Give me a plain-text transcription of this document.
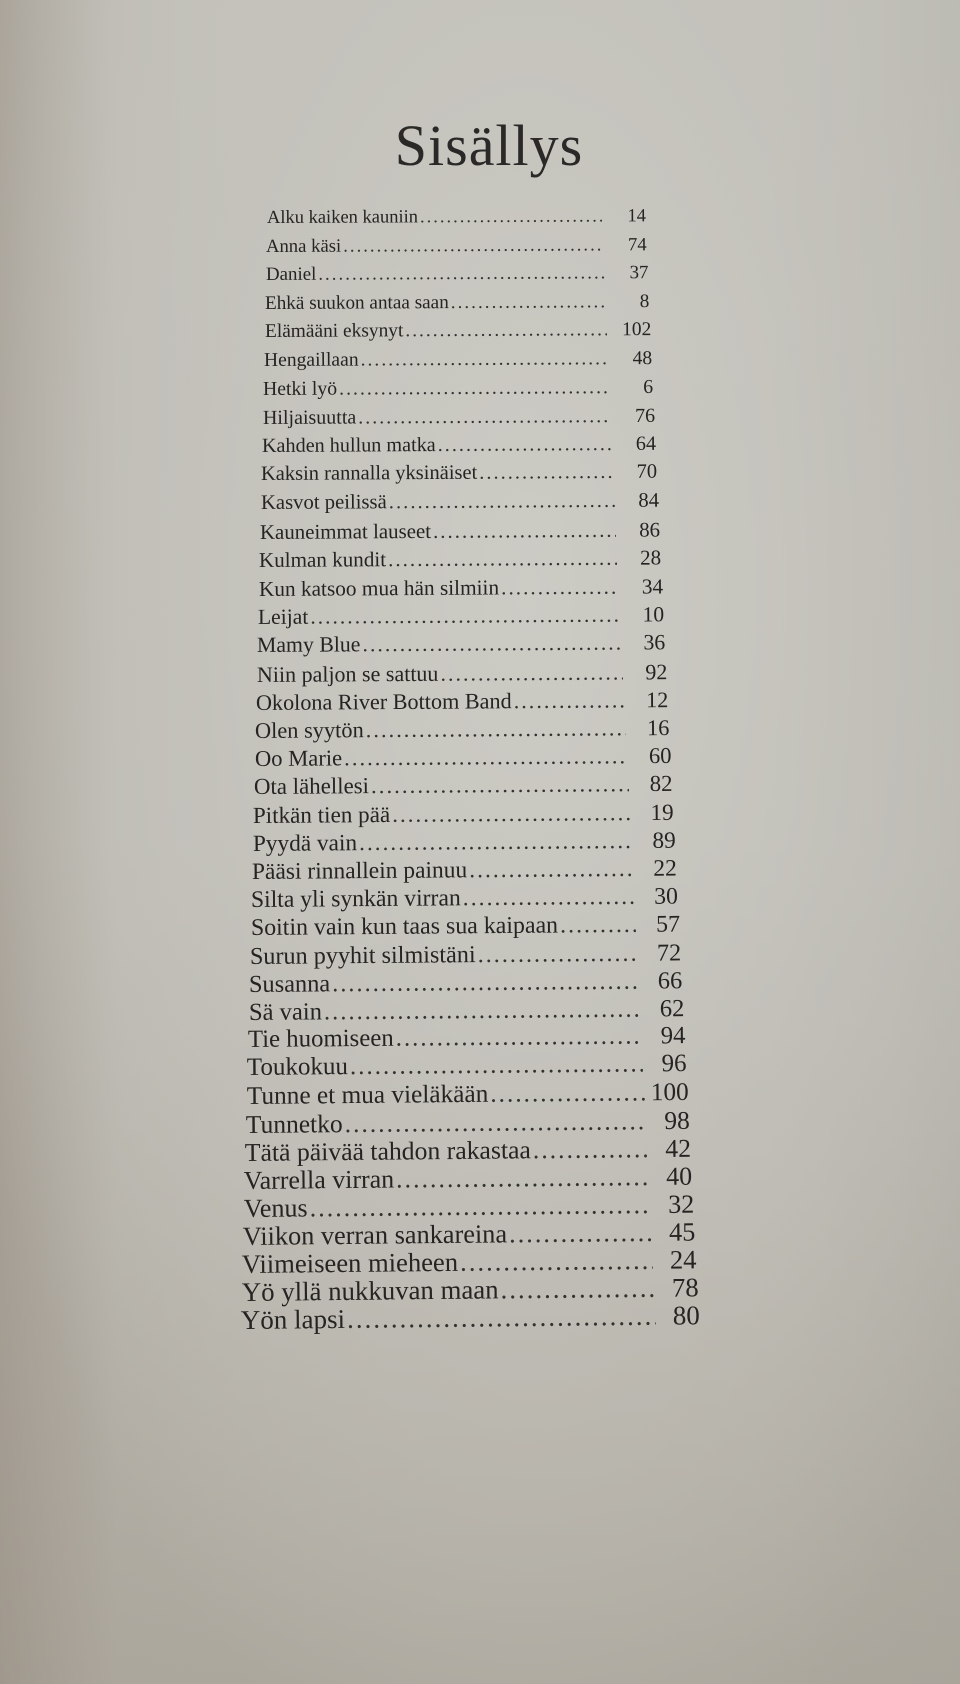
Sisällys
Alku kaiken kauniin .....	14
Anna käsi .....	74
Daniel .....	37
Ehkä suukon antaa saan .....	8
Elämääni eksynyt .....	102
Hengaillaan .....	48
Hetki lyö .....	6
Hiljaisuutta .....	76
Kahden hullun matka .....	64
Kaksin rannalla yksinäiset .....	70
Kasvot peilissä .....	84
Kauneimmat lauseet .....	86
Kulman kundit .....	28
Kun katsoo mua hän silmiin .....	34
Leijat .....	10
Mamy Blue .....	36
Niin paljon se sattuu .....	92
Okolona River Bottom Band .....	12
Olen syytön .....	16
Oo Marie .....	60
Ota lähellesi .....	82
Pitkän tien pää .....	19
Pyydä vain .....	89
Pääsi rinnallein painuu .....	22
Silta yli synkän virran .....	30
Soitin vain kun taas sua kaipaan .....	57
Surun pyyhit silmistäni .....	72
Susanna .....	66
Sä vain .....	62
Tie huomiseen .....	94
Toukokuu .....	96
Tunne et mua vieläkään .....	100
Tunnetko .....	98
Tätä päivää tahdon rakastaa .....	42
Varrella virran .....	40
Venus .....	32
Viikon verran sankareina .....	45
Viimeiseen mieheen .....	24
Yö yllä nukkuvan maan .....	78
Yön lapsi .....	80
